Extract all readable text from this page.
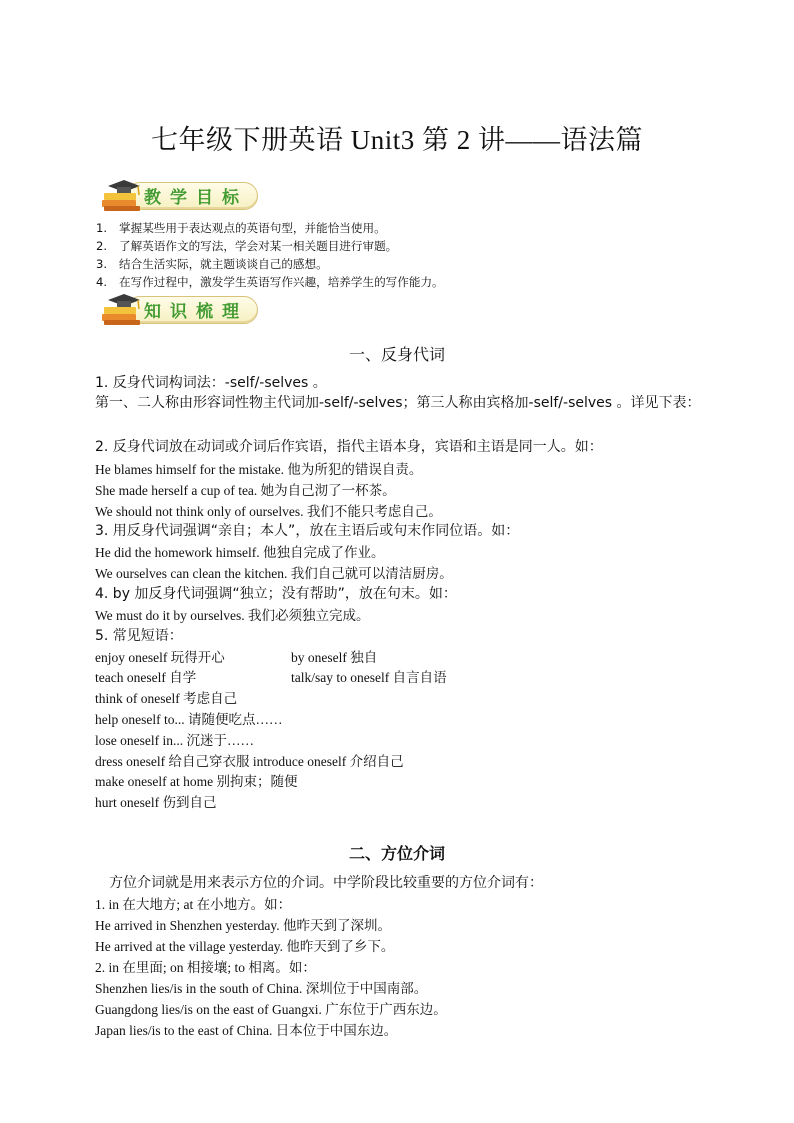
七年级下册英语 Unit3 第 2 讲——语法篇
教学目标
1.	掌握某些用于表达观点的英语句型，并能恰当使用。
2.	了解英语作文的写法，学会对某一相关题目进行审题。
3.	结合生活实际，就主题谈谈自己的感想。
4.	在写作过程中，激发学生英语写作兴趣，培养学生的写作能力。
知识梳理
一、反身代词
1. 反身代词构词法：-self/-selves 。
第一、二人称由形容词性物主代词加-self/-selves；第三人称由宾格加-self/-selves 。详见下表：
2. 反身代词放在动词或介词后作宾语，指代主语本身，宾语和主语是同一人。如：
He blames himself for the mistake. 他为所犯的错误自责。
She made herself a cup of tea. 她为自己沏了一杯茶。
We should not think only of ourselves. 我们不能只考虑自己。
3. 用反身代词强调“亲自；本人”，放在主语后或句末作同位语。如：
He did the homework himself. 他独自完成了作业。
We ourselves can clean the kitchen. 我们自己就可以清洁厨房。
4. by 加反身代词强调“独立；没有帮助”，放在句末。如：
We must do it by ourselves. 我们必须独立完成。
5. 常见短语：
enjoy oneself 玩得开心	by oneself 独自
teach oneself 自学	talk/say to oneself 自言自语
think of oneself 考虑自己
help oneself to... 请随便吃点……
lose oneself in... 沉迷于……
dress oneself 给自己穿衣服 introduce oneself 介绍自己
make oneself at home 别拘束；随便
hurt oneself 伤到自己
二、方位介词
方位介词就是用来表示方位的介词。中学阶段比较重要的方位介词有：
1. in 在大地方; at 在小地方。如：
He arrived in Shenzhen yesterday. 他昨天到了深圳。
He arrived at the village yesterday. 他昨天到了乡下。
2. in 在里面; on 相接壤; to 相离。如：
Shenzhen lies/is in the south of China. 深圳位于中国南部。
Guangdong lies/is on the east of Guangxi. 广东位于广西东边。
Japan lies/is to the east of China. 日本位于中国东边。
